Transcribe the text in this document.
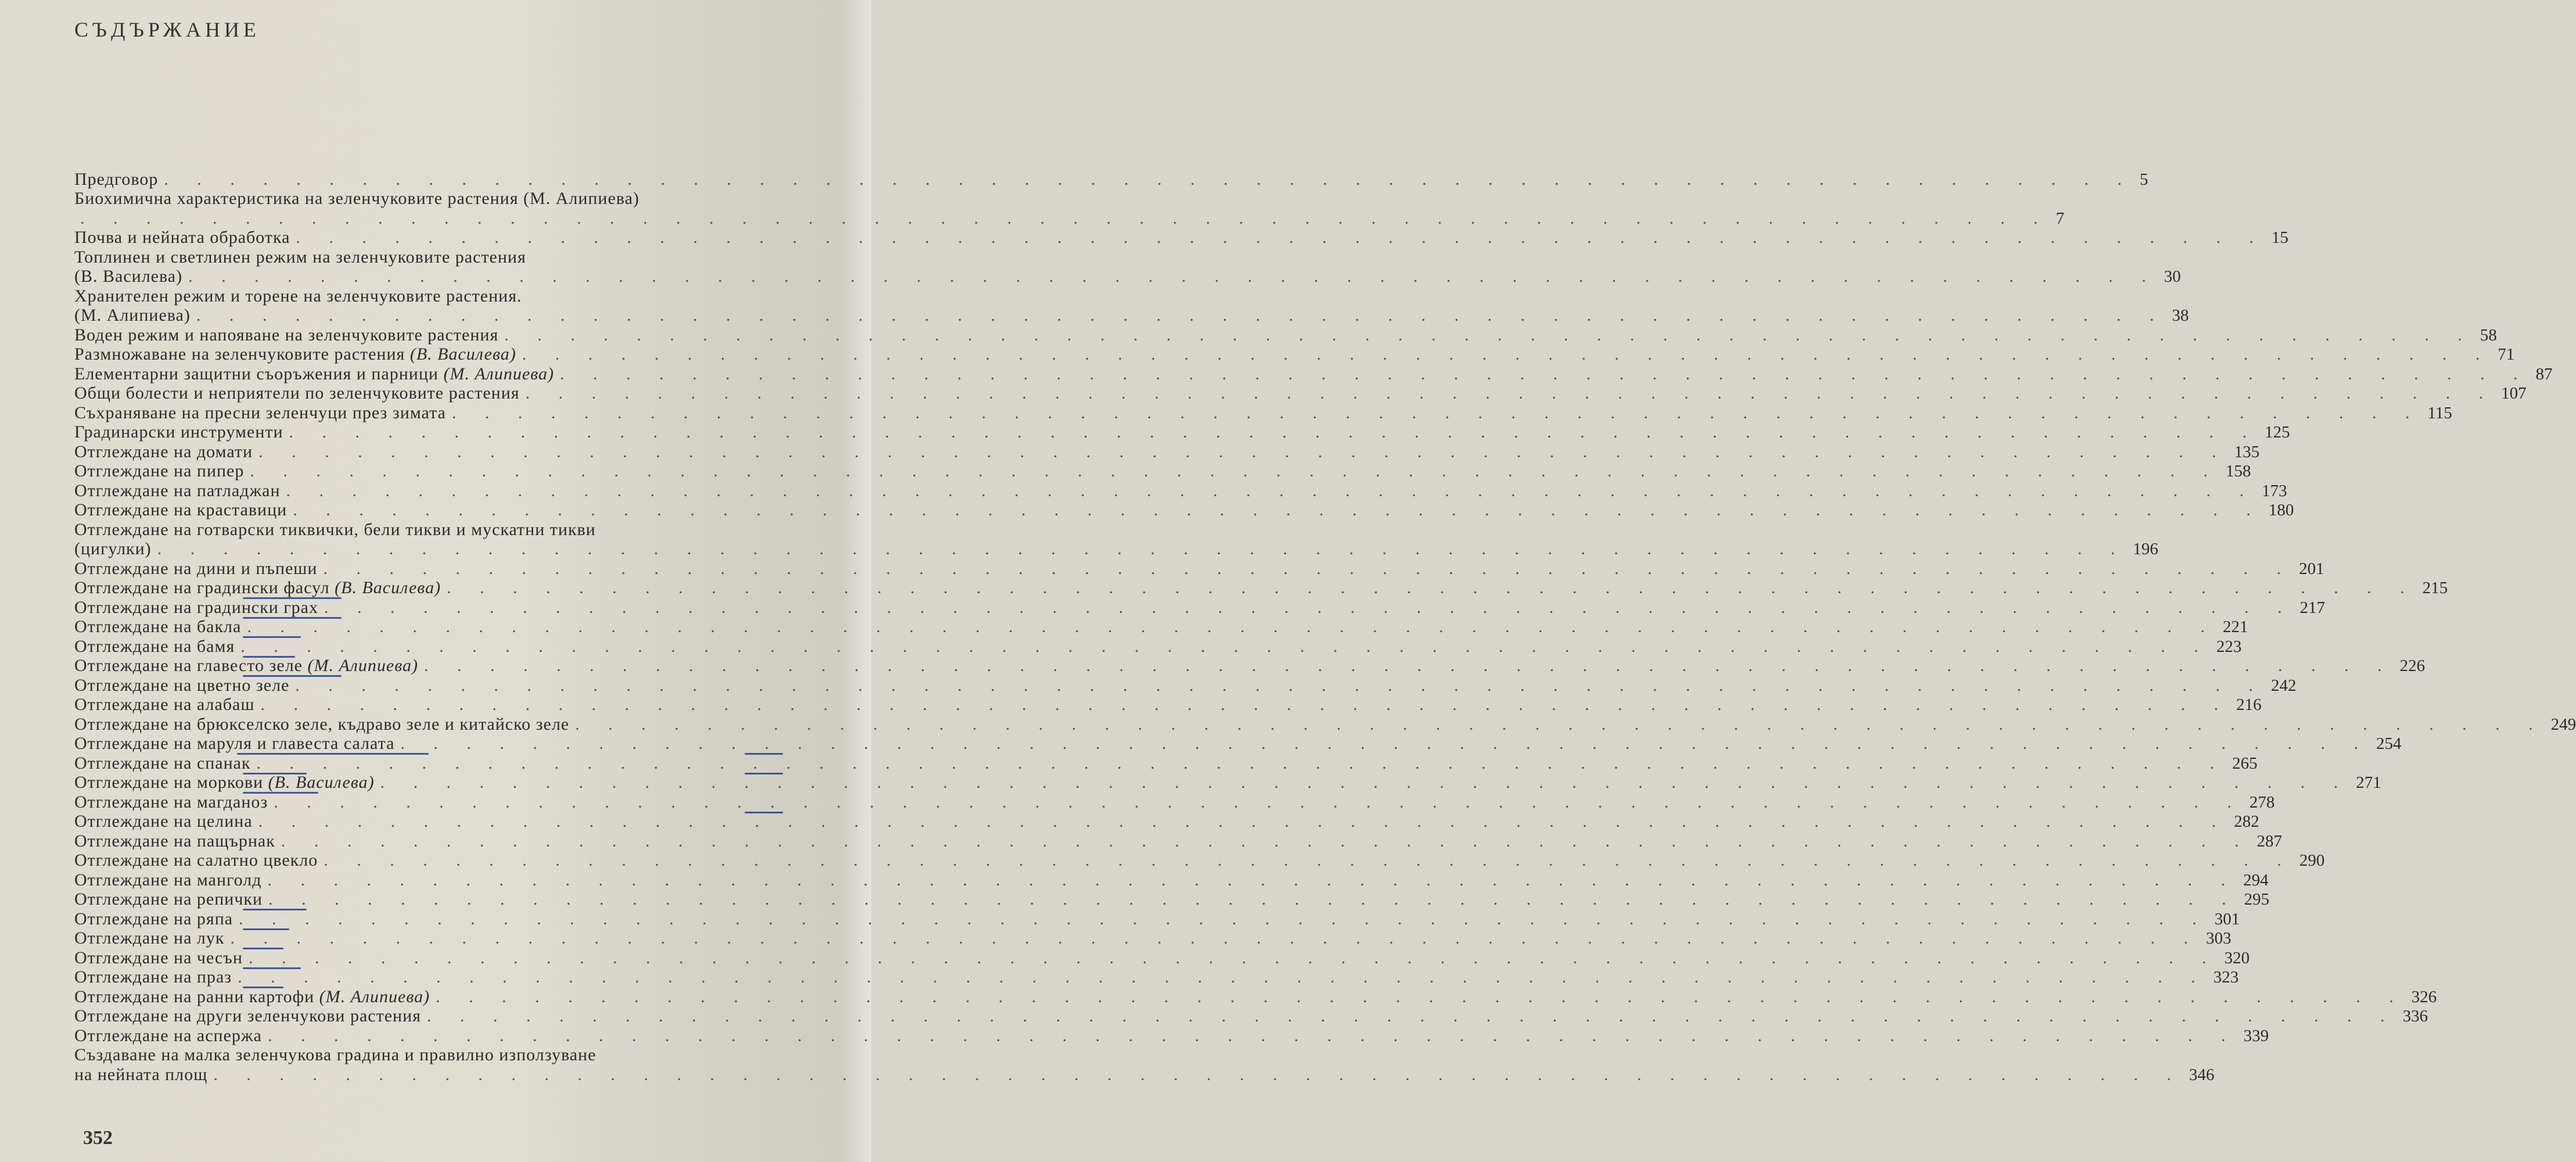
СЪДЪРЖАНИЕ
Предговор . . . . . . . . . . . . . . . . . . . . . . . . . . . . . . . . . . . . . . . . . . . . . . . . . . . . . . . . . . . . 5
Биохимична характеристика на зеленчуковите растения (М. Алипиева)
. . . . . . . . . . . . . . . . . . . . . . . . . . . . . . . . . . . . . . . . . . . . . . . . . . . . . . . . . . . . 7
Почва и нейната обработка . . . . . . . . . . . . . . . . . . . . . . . . . . . . . . . . . . . . . . . . . . . . . . . . . . . . . . . . . . . . 15
Топлинен и светлинен режим на зеленчуковите растения
(В. Василева) . . . . . . . . . . . . . . . . . . . . . . . . . . . . . . . . . . . . . . . . . . . . . . . . . . . . . . . . . . . . 30
Хранителен режим и торене на зеленчуковите растения.
(М. Алипиева) . . . . . . . . . . . . . . . . . . . . . . . . . . . . . . . . . . . . . . . . . . . . . . . . . . . . . . . . . . . . 38
Воден режим и напояване на зеленчуковите растения . . . . . . . . . . . . . . . . . . . . . . . . . . . . . . . . . . . . . . . . . . . . . . . . . . . . . . . . . . . . 58
Размножаване на зеленчуковите растения (В. Василева) . . . . . . . . . . . . . . . . . . . . . . . . . . . . . . . . . . . . . . . . . . . . . . . . . . . . . . . . . . . . 71
Елементарни защитни съоръжения и парници (М. Алипиева) . . . . . . . . . . . . . . . . . . . . . . . . . . . . . . . . . . . . . . . . . . . . . . . . . . . . . . . . . . . . 87
Общи болести и неприятели по зеленчуковите растения . . . . . . . . . . . . . . . . . . . . . . . . . . . . . . . . . . . . . . . . . . . . . . . . . . . . . . . . . . . . 107
Съхраняване на пресни зеленчуци през зимата . . . . . . . . . . . . . . . . . . . . . . . . . . . . . . . . . . . . . . . . . . . . . . . . . . . . . . . . . . . . 115
Градинарски инструменти . . . . . . . . . . . . . . . . . . . . . . . . . . . . . . . . . . . . . . . . . . . . . . . . . . . . . . . . . . . . 125
Отглеждане на домати . . . . . . . . . . . . . . . . . . . . . . . . . . . . . . . . . . . . . . . . . . . . . . . . . . . . . . . . . . . . 135
Отглеждане на пипер . . . . . . . . . . . . . . . . . . . . . . . . . . . . . . . . . . . . . . . . . . . . . . . . . . . . . . . . . . . . 158
Отглеждане на патладжан . . . . . . . . . . . . . . . . . . . . . . . . . . . . . . . . . . . . . . . . . . . . . . . . . . . . . . . . . . . . 173
Отглеждане на краставици . . . . . . . . . . . . . . . . . . . . . . . . . . . . . . . . . . . . . . . . . . . . . . . . . . . . . . . . . . . . 180
Отглеждане на готварски тиквички, бели тикви и мускатни тикви
(цигулки) . . . . . . . . . . . . . . . . . . . . . . . . . . . . . . . . . . . . . . . . . . . . . . . . . . . . . . . . . . . . 196
Отглеждане на дини и пъпеши . . . . . . . . . . . . . . . . . . . . . . . . . . . . . . . . . . . . . . . . . . . . . . . . . . . . . . . . . . . . 201
Отглеждане на градински фасул (В. Василева) . . . . . . . . . . . . . . . . . . . . . . . . . . . . . . . . . . . . . . . . . . . . . . . . . . . . . . . . . . . . 215
Отглеждане на градински грах . . . . . . . . . . . . . . . . . . . . . . . . . . . . . . . . . . . . . . . . . . . . . . . . . . . . . . . . . . . . 217
Отглеждане на бакла . . . . . . . . . . . . . . . . . . . . . . . . . . . . . . . . . . . . . . . . . . . . . . . . . . . . . . . . . . . . 221
Отглеждане на бамя . . . . . . . . . . . . . . . . . . . . . . . . . . . . . . . . . . . . . . . . . . . . . . . . . . . . . . . . . . . . 223
Отглеждане на главесто зеле (М. Алипиева) . . . . . . . . . . . . . . . . . . . . . . . . . . . . . . . . . . . . . . . . . . . . . . . . . . . . . . . . . . . . 226
Отглеждане на цветно зеле . . . . . . . . . . . . . . . . . . . . . . . . . . . . . . . . . . . . . . . . . . . . . . . . . . . . . . . . . . . . 242
Отглеждане на алабаш . . . . . . . . . . . . . . . . . . . . . . . . . . . . . . . . . . . . . . . . . . . . . . . . . . . . . . . . . . . . 216
Отглеждане на брюкселско зеле, къдраво зеле и китайско зеле . . . . . . . . . . . . . . . . . . . . . . . . . . . . . . . . . . . . . . . . . . . . . . . . . . . . . . . . . . . . 249
Отглеждане на маруля и главеста салата . . . . . . . . . . . . . . . . . . . . . . . . . . . . . . . . . . . . . . . . . . . . . . . . . . . . . . . . . . . . 254
Отглеждане на спанак . . . . . . . . . . . . . . . . . . . . . . . . . . . . . . . . . . . . . . . . . . . . . . . . . . . . . . . . . . . . 265
Отглеждане на моркови (В. Василева) . . . . . . . . . . . . . . . . . . . . . . . . . . . . . . . . . . . . . . . . . . . . . . . . . . . . . . . . . . . . 271
Отглеждане на магданоз . . . . . . . . . . . . . . . . . . . . . . . . . . . . . . . . . . . . . . . . . . . . . . . . . . . . . . . . . . . . 278
Отглеждане на целина . . . . . . . . . . . . . . . . . . . . . . . . . . . . . . . . . . . . . . . . . . . . . . . . . . . . . . . . . . . . 282
Отглеждане на пащърнак . . . . . . . . . . . . . . . . . . . . . . . . . . . . . . . . . . . . . . . . . . . . . . . . . . . . . . . . . . . . 287
Отглеждане на салатно цвекло . . . . . . . . . . . . . . . . . . . . . . . . . . . . . . . . . . . . . . . . . . . . . . . . . . . . . . . . . . . . 290
Отглеждане на манголд . . . . . . . . . . . . . . . . . . . . . . . . . . . . . . . . . . . . . . . . . . . . . . . . . . . . . . . . . . . . 294
Отглеждане на репички . . . . . . . . . . . . . . . . . . . . . . . . . . . . . . . . . . . . . . . . . . . . . . . . . . . . . . . . . . . . 295
Отглеждане на ряпа . . . . . . . . . . . . . . . . . . . . . . . . . . . . . . . . . . . . . . . . . . . . . . . . . . . . . . . . . . . . 301
Отглеждане на лук . . . . . . . . . . . . . . . . . . . . . . . . . . . . . . . . . . . . . . . . . . . . . . . . . . . . . . . . . . . . 303
Отглеждане на чесън . . . . . . . . . . . . . . . . . . . . . . . . . . . . . . . . . . . . . . . . . . . . . . . . . . . . . . . . . . . . 320
Отглеждане на праз . . . . . . . . . . . . . . . . . . . . . . . . . . . . . . . . . . . . . . . . . . . . . . . . . . . . . . . . . . . . 323
Отглеждане на ранни картофи (М. Алипиева) . . . . . . . . . . . . . . . . . . . . . . . . . . . . . . . . . . . . . . . . . . . . . . . . . . . . . . . . . . . . 326
Отглеждане на други зеленчукови растения . . . . . . . . . . . . . . . . . . . . . . . . . . . . . . . . . . . . . . . . . . . . . . . . . . . . . . . . . . . . 336
Отглеждане на аспержа . . . . . . . . . . . . . . . . . . . . . . . . . . . . . . . . . . . . . . . . . . . . . . . . . . . . . . . . . . . . 339
Създаване на малка зеленчукова градина и правилно използуване
на нейната площ . . . . . . . . . . . . . . . . . . . . . . . . . . . . . . . . . . . . . . . . . . . . . . . . . . . . . . . . . . . . 346
352
